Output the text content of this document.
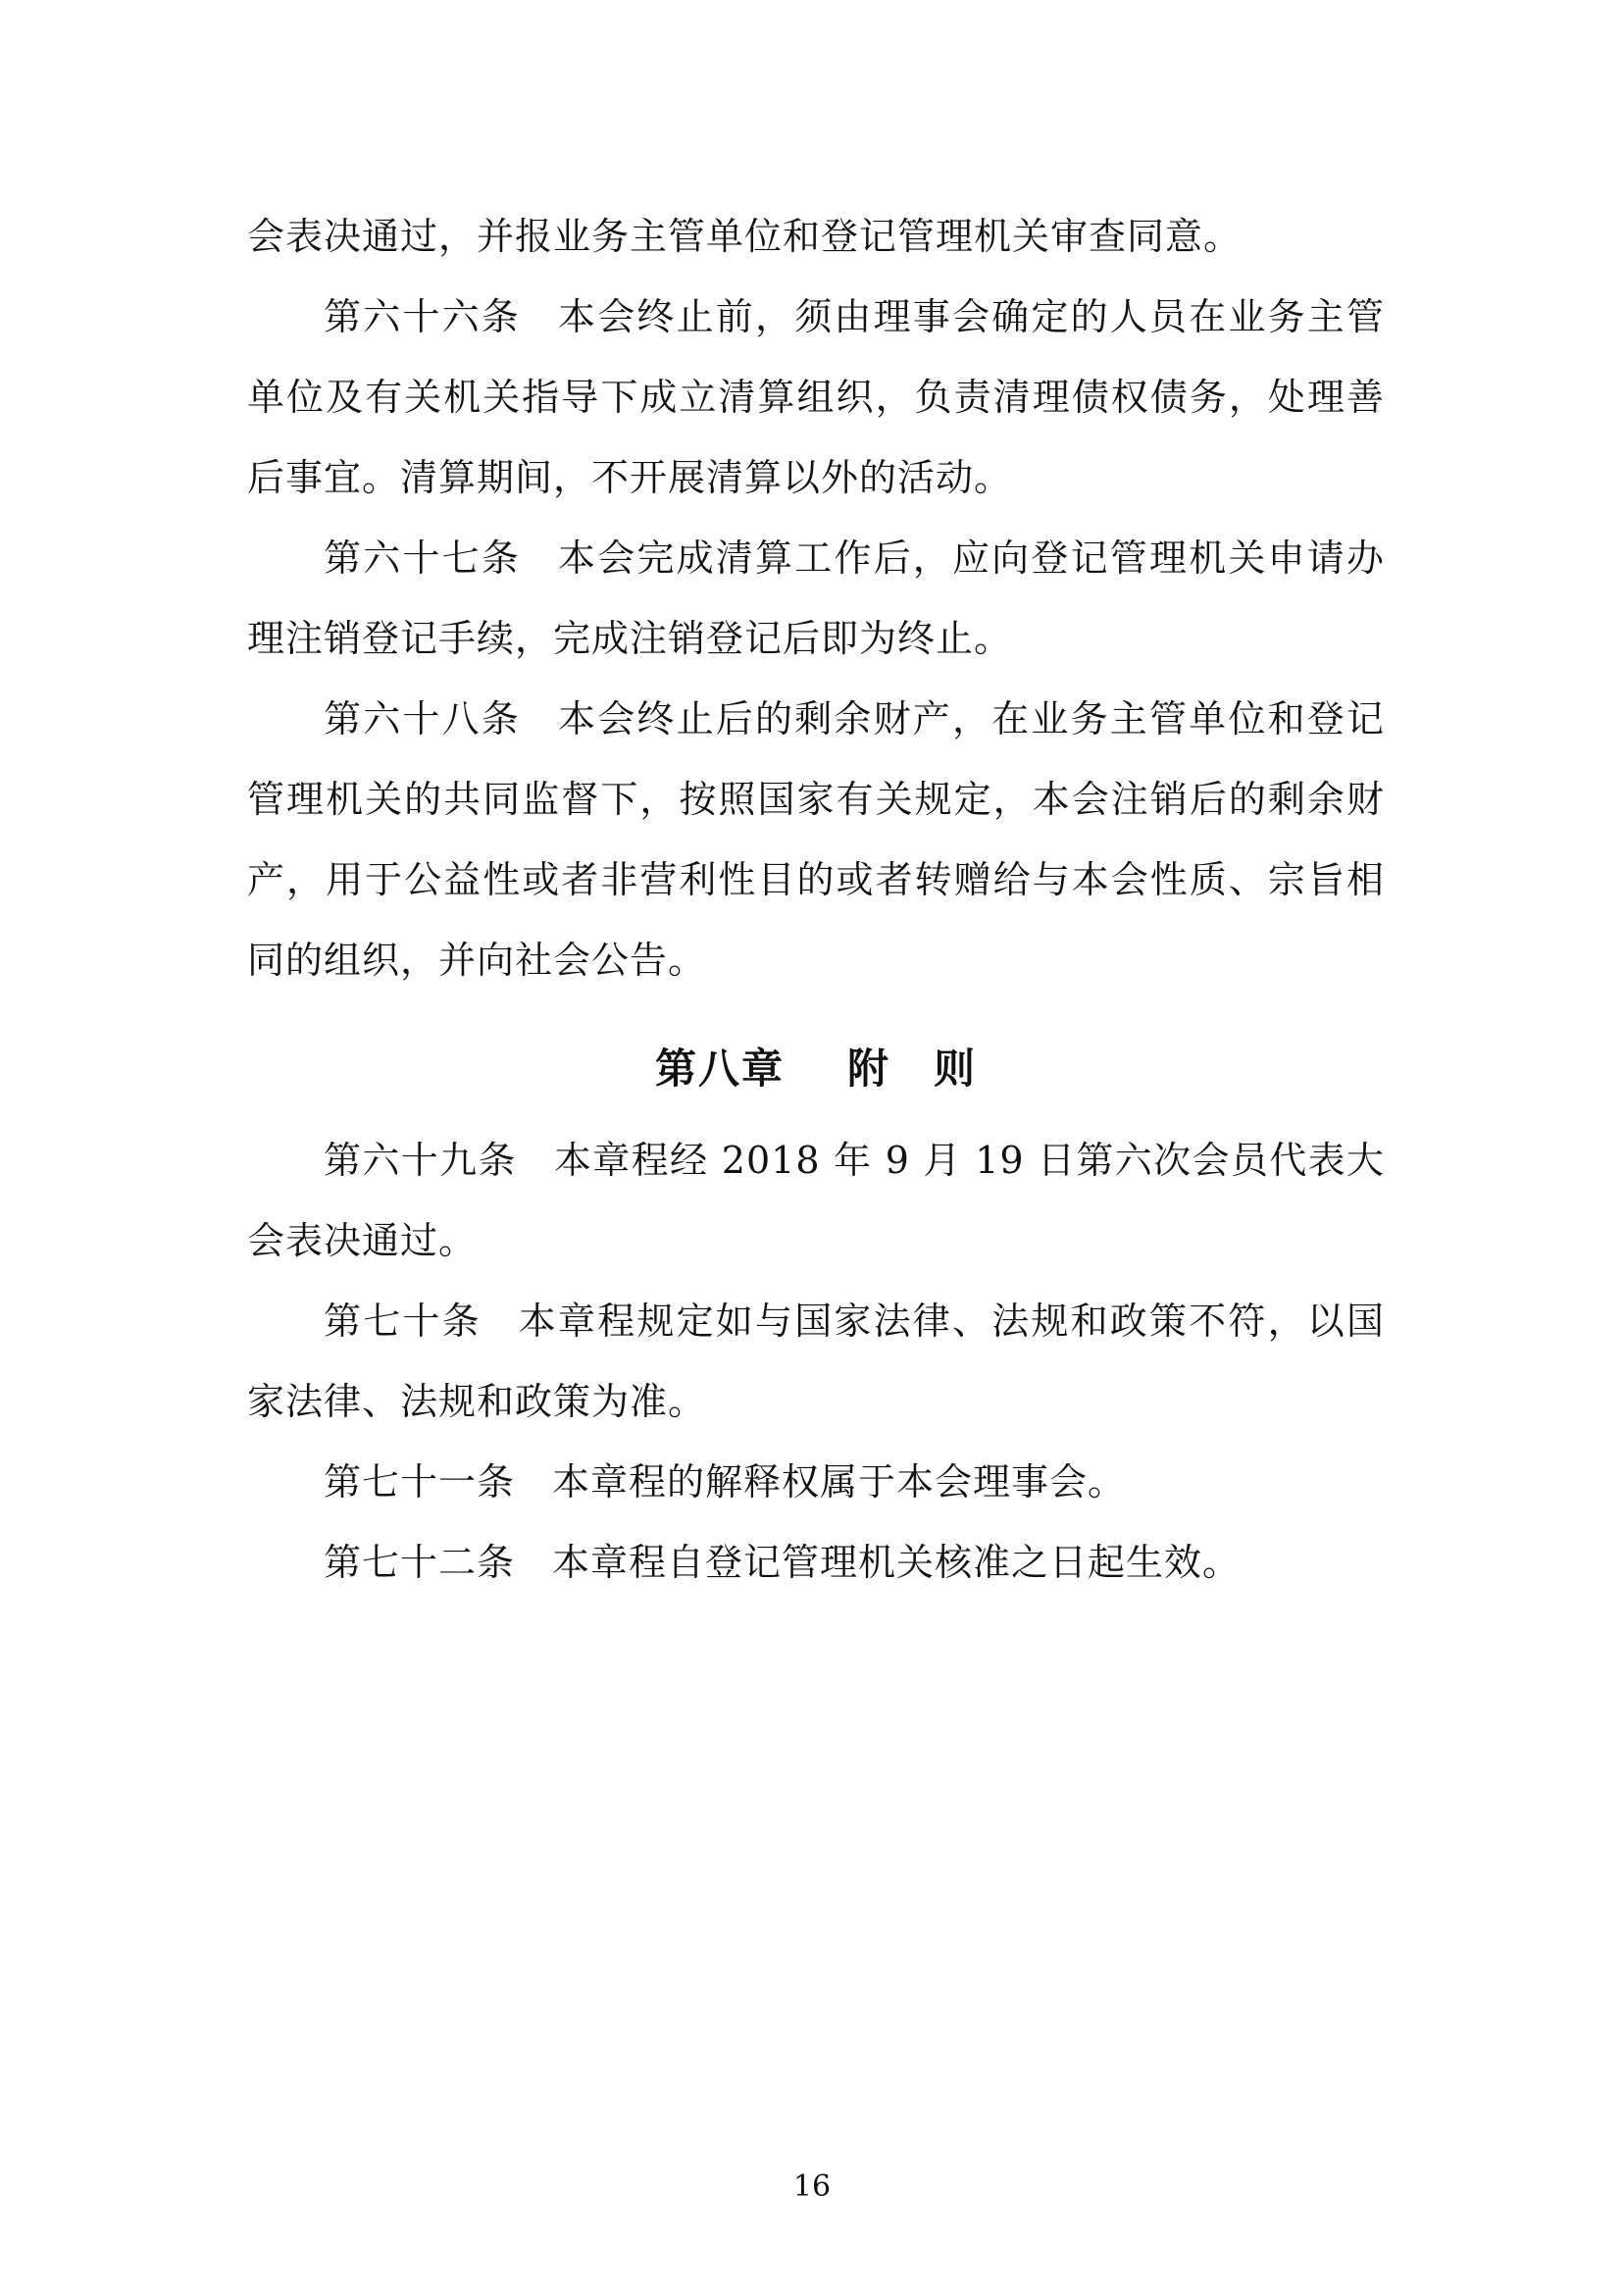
会表决通过，并报业务主管单位和登记管理机关审查同意。

第六十六条 本会终止前，须由理事会确定的人员在业务主管单位及有关机关指导下成立清算组织，负责清理债权债务，处理善后事宜。清算期间，不开展清算以外的活动。

第六十七条 本会完成清算工作后，应向登记管理机关申请办理注销登记手续，完成注销登记后即为终止。

第六十八条 本会终止后的剩余财产，在业务主管单位和登记管理机关的共同监督下，按照国家有关规定，本会注销后的剩余财产，用于公益性或者非营利性目的或者转赠给与本会性质、宗旨相同的组织，并向社会公告。

第八章 附　则

第六十九条 本章程经 2018 年 9 月 19 日第六次会员代表大会表决通过。

第七十条 本章程规定如与国家法律、法规和政策不符，以国家法律、法规和政策为准。

第七十一条 本章程的解释权属于本会理事会。

第七十二条 本章程自登记管理机关核准之日起生效。

16
